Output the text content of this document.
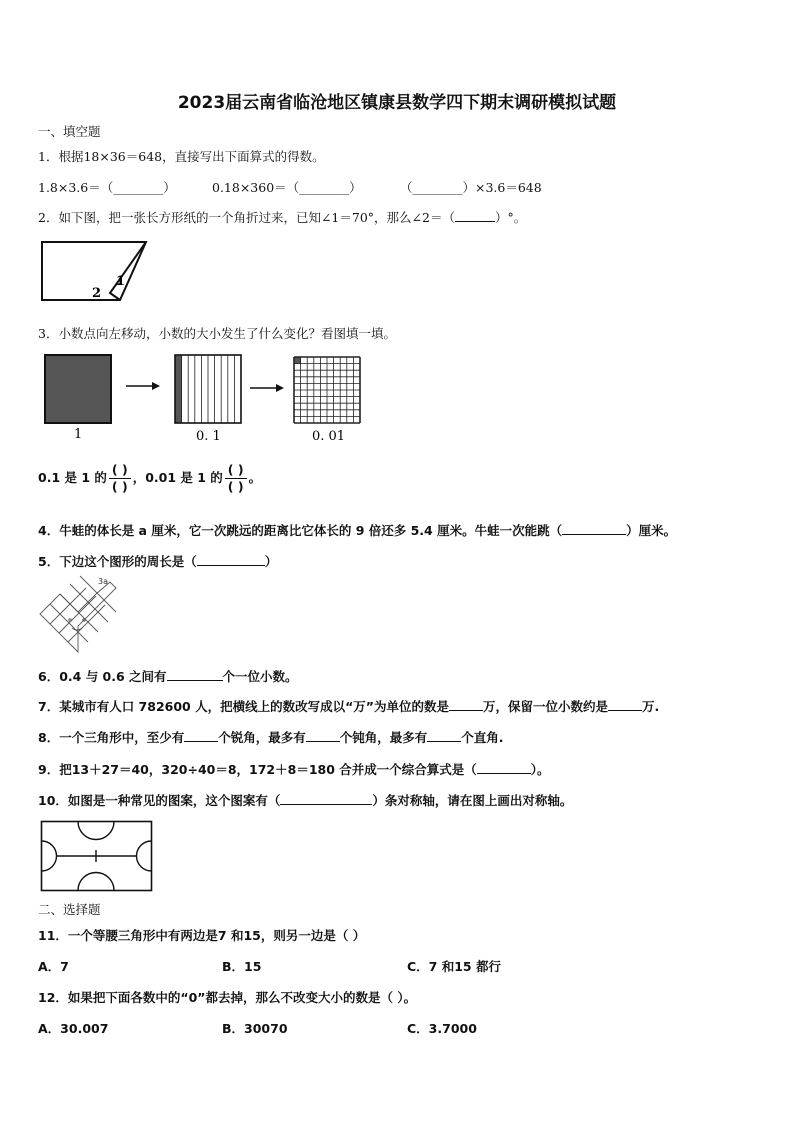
2023届云南省临沧地区镇康县数学四下期末调研模拟试题
一、填空题
1．根据18×36＝648，直接写出下面算式的得数。
1.8×3.6＝（________）	0.18×360＝（________）	（________）×3.6＝648
2．如下图，把一张长方形纸的一个角折过来，已知∠1＝70°，那么∠2＝（	）°。
1
2
3．小数点向左移动，小数的大小发生了什么变化？看图填一填。
1	0. 1	0. 01
0.1 是 1 的 $\frac{( )}{( )}$ ，0.01 是 1 的 $\frac{( )}{( )}$ 。
4．牛蛙的体长是 a 厘米，它一次跳远的距离比它体长的 9 倍还多 5.4 厘米。牛蛙一次能跳（	）厘米。
5．下边这个图形的周长是（	）
3a
6．0.4 与 0.6 之间有	个一位小数。
7．某城市有人口 782600 人，把横线上的数改写成以“万”为单位的数是	万，保留一位小数约是	万.
8．一个三角形中，至少有	个锐角，最多有	个钝角，最多有	个直角.
9．把13＋27＝40，320÷40＝8，172＋8＝180 合并成一个综合算式是（	）。
10．如图是一种常见的图案，这个图案有（	）条对称轴，请在图上画出对称轴。
二、选择题
11．一个等腰三角形中有两边是7 和15，则另一边是（ ）
A．7	B．15	C．7 和15 都行
12．如果把下面各数中的“0”都去掉，那么不改变大小的数是（ ）。
A．30.007	B．30070	C．3.7000
